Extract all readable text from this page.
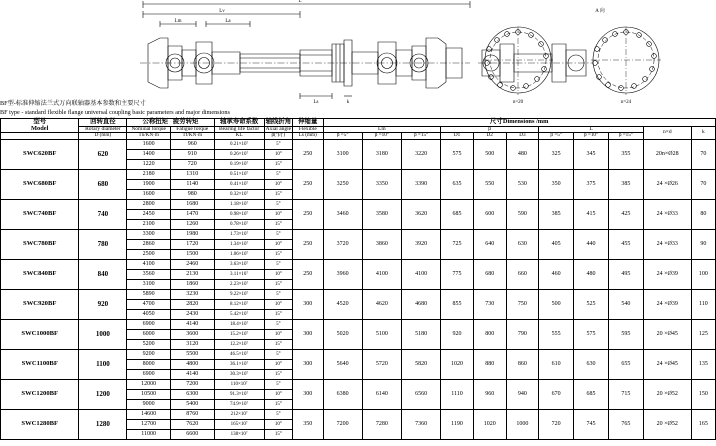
L
Lv
Lm	La
Ls	k
A 向
n=20	n=24
BF型-标准伸缩法兰式万向联轴器基本参数和主要尺寸
BF type - standard flexible flange universal coupling basic parameters and major dimensions
型号
Model	回转直径	公称扭矩 疲劳转矩		轴承寿命系数	轴线折角	伸缩量	尺寸Dimensions /mm										

	Rotary diameter	Nominal torque	Fatigue torque	Bearing life factor	Axial angle	Flexible	Lm			β			L			n×d	k

	D (mm)	Tn/KN·m	Tf/KN·m	KL	β(º)/(′)	Ls (mm)	β =5°	β =10°	β =15°	D1	D2	D3	β =5°	β =10°	β =15°		

SWC620BF	620	1600	960	0.21×10⁷	5°	250	3100	3180	3220	575	500	480	325	345	355	20n×Ø28	70
		1400	910	0.26×10⁷	10°												
		1220	720	0.19×10⁷	15°												
SWC680BF	680	2180	1310	0.51×10⁷	5°	250	3250	3350	3390	635	550	530	350	375	385	24 ×Ø26	70
		1900	1140	0.41×10⁷	10°												
		1600	980	0.32×10⁷	15°												
SWC740BF	740	2800	1680	1.18×10⁷	5°	250	3460	3580	3620	685	600	590	385	415	425	24 ×Ø33	80
		2450	1470	0.98×10⁷	10°												
		2100	1260	0.78×10⁷	15°												
SWC780BF	780	3300	1980	1.73×10⁷	5°	250	3720	3860	3920	725	640	630	405	440	455	24 ×Ø33	90
		2860	1720	1.34×10⁷	10°												
		2500	1500	1.06×10⁷	15°												
SWC840BF	840	4100	2460	3.63×10⁷	5°	250	3960	4100	4100	775	680	660	460	480	495	24 ×Ø39	100
		3560	2130	3.11×10⁷	10°												
		3100	1860	2.23×10⁷	15°												
SWC920BF	920	5890	3230	9.22×10⁷	5°	300	4520	4620	4680	855	730	750	500	525	540	24 ×Ø39	110
		4700	2820	8.12×10⁷	10°												
		4050	2430	5.42×10⁷	15°												
SWC1000BF	1000	6900	4140	18.4×10⁷	5°	300	5020	5100	5180	920	800	790	555	575	595	20 ×Ø45	125
		6000	3600	15.2×10⁷	10°												
		5200	3120	12.2×10⁷	15°												
SWC1100BF	1100	9200	5500	46.5×10⁷	5°	300	5640	5720	5820	1020	880	860	610	630	655	24 ×Ø45	135
		8000	4800	36.1×10⁷	10°												
		6900	4140	30.3×10⁷	15°												
SWC1200BF	1200	12000	7200	110×10⁷	5°	300	6380	6140	6560	1110	960	940	670	685	715	20 ×Ø52	150
		10500	6300	91.3×10⁷	10°												
		9000	5400	74.9×10⁷	15°												
SWC1280BF	1280	14600	8760	212×10⁷	5°	350	7200	7280	7360	1190	1020	1000	720	745	765	20 ×Ø52	165
		12700	7620	165×10⁷	10°												
		11000	6600	138×10⁷	15°												
